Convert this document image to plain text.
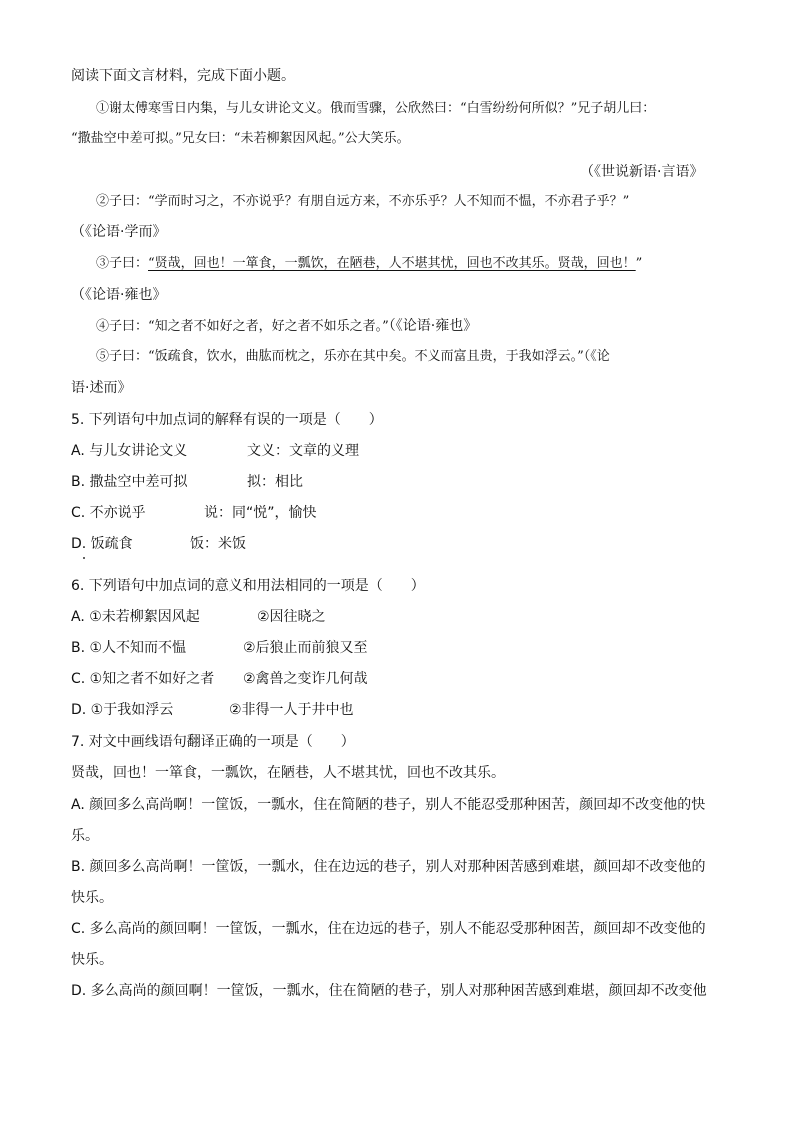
阅读下面文言材料，完成下面小题。
①谢太傅寒雪日内集，与儿女讲论文义。俄而雪骤，公欣然曰：“白雪纷纷何所似？”兄子胡儿曰：
“撒盐空中差可拟。”兄女曰：“未若柳絮因风起。”公大笑乐。
（《世说新语·言语》
②子曰：“学而时习之，不亦说乎？有朋自远方来，不亦乐乎？人不知而不愠，不亦君子乎？”
（《论语·学而》
③子曰：“贤哉，回也！一箪食，一瓢饮，在陋巷，人不堪其忧，回也不改其乐。贤哉，回也！”
（《论语·雍也》
④子曰：“知之者不如好之者，好之者不如乐之者。”（《论语·雍也》
⑤子曰：“饭疏食，饮水，曲肱而枕之，乐亦在其中矣。不义而富且贵，于我如浮云。”（《论
语·述而》
5. 下列语句中加点词的解释有误的一项是（　　）
A. 与儿女讲论文义	文义：文章的义理
B. 撒盐空中差可拟	拟：相比
C. 不亦说乎	说：同“悦”，愉快
D. 饭疏食	饭：米饭
6. 下列语句中加点词的意义和用法相同的一项是（　　）
A. ①未若柳絮因风起	②因往晓之
B. ①人不知而不愠	②后狼止而前狼又至
C. ①知之者不如好之者 ②禽兽之变诈几何哉
D. ①于我如浮云	②非得一人于井中也
7. 对文中画线语句翻译正确的一项是（　　）
贤哉，回也！一箪食，一瓢饮，在陋巷，人不堪其忧，回也不改其乐。
A. 颜回多么高尚啊！一筐饭，一瓢水，住在简陋的巷子，别人不能忍受那种困苦，颜回却不改变他的快
乐。
B. 颜回多么高尚啊！一筐饭，一瓢水，住在边远的巷子，别人对那种困苦感到难堪，颜回却不改变他的
快乐。
C. 多么高尚的颜回啊！一筐饭，一瓢水，住在边远的巷子，别人不能忍受那种困苦，颜回却不改变他的
快乐。
D. 多么高尚的颜回啊！一筐饭，一瓢水，住在简陋的巷子，别人对那种困苦感到难堪，颜回却不改变他
